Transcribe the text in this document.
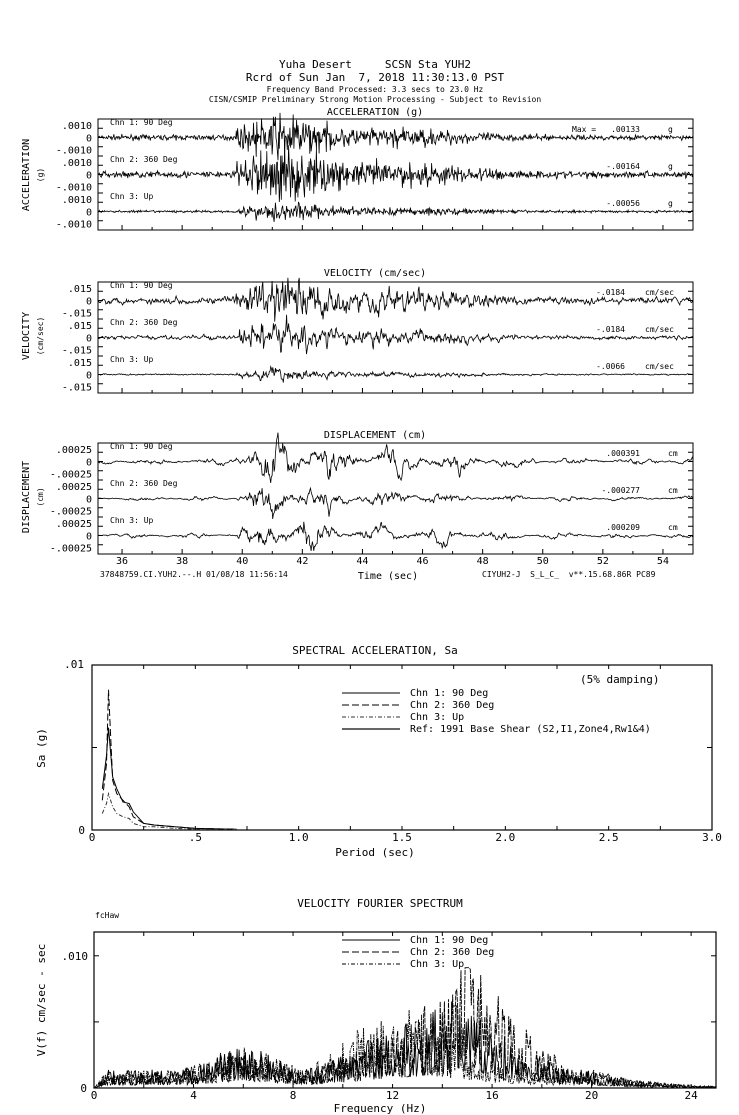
Yuha Desert     SCSN Sta YUH2
Rcrd of Sun Jan  7, 2018 11:30:13.0 PST
Frequency Band Processed: 3.3 secs to 23.0 Hz
CISN/CSMIP Preliminary Strong Motion Processing - Subject to Revision
37848759.CI.YUH2.--.H 01/08/18 11:56:14	Time (sec)	CIYUH2-J  S_L_C_  v**.15.68.86R PC89
ACCELERATION (g)
ACCELERATION (g)
.0010
0
-.0010
Chn 1: 90 Deg
Max = .00133	g
.0010
0
-.0010
Chn 2: 360 Deg
-.00164	g
.0010
0
-.0010
Chn 3: Up
-.00056	g
VELOCITY (cm/sec)
VELOCITY (cm/sec)
.015
0
-.015
Chn 1: 90 Deg
-.0184	cm/sec
.015
0
-.015
Chn 2: 360 Deg
-.0184	cm/sec
.015
0
-.015
Chn 3: Up
-.0066	cm/sec
DISPLACEMENT (cm)
DISPLACEMENT (cm)
.00025
0
-.00025
Chn 1: 90 Deg
.000391	cm
.00025
0
-.00025
Chn 2: 360 Deg
-.000277	cm
.00025
0
-.00025
Chn 3: Up
.000209	cm
36	38	40	42	44	46	48	50	52	54
SPECTRAL ACCELERATION, Sa
0	.5	1.0	1.5	2.0	2.5	3.0
.01
0
Period (sec)
Sa (g)
(5% damping)
Chn 1: 90 Deg
Chn 2: 360 Deg
Chn 3: Up
Ref: 1991 Base Shear (S2,I1,Zone4,Rw1&4)
VELOCITY FOURIER SPECTRUM
fcHaw
0	4	8	12	16	20	24
.010
0
Frequency (Hz)
V(f) cm/sec - sec
Chn 1: 90 Deg
Chn 2: 360 Deg
Chn 3: Up
